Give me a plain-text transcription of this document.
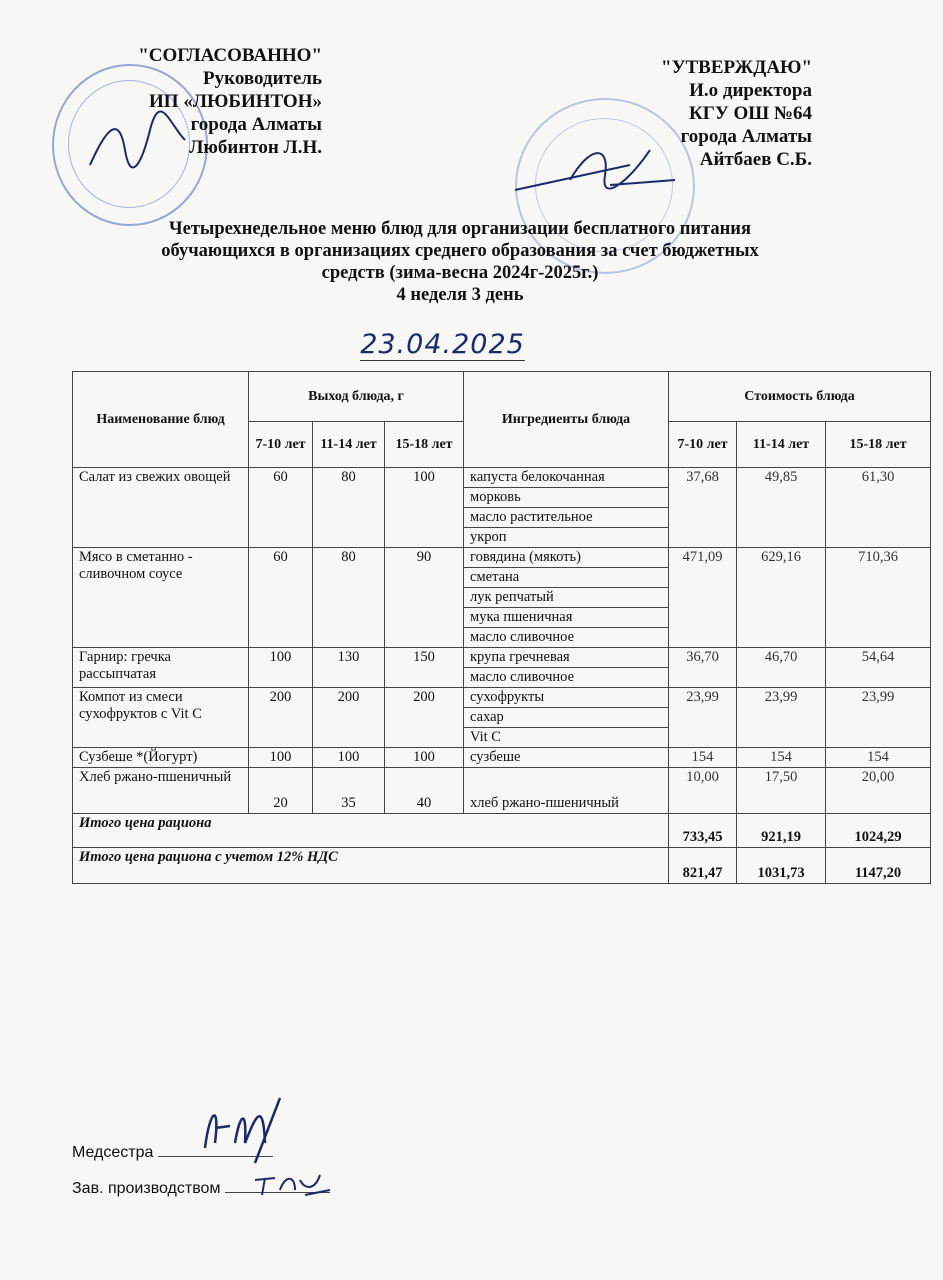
"СОГЛАСОВАННО"
Руководитель
ИП «ЛЮБИНТОН»
города Алматы
Любинтон Л.Н.
"УТВЕРЖДАЮ"
И.о директора
КГУ ОШ №64
города Алматы
Айтбаев С.Б.
Четырехнедельное меню блюд для организации бесплатного питания
обучающихся в организациях среднего образования за счет бюджетных
средств (зима-весна 2024г-2025г.)
4 неделя 3 день
23.04.2025
Наименование блюд	Выход блюда, г			Ингредиенты блюда	Стоимость блюда		
	7-10 лет	11-14 лет	15-18 лет		7-10 лет	11-14 лет	15-18 лет
Салат из свежих овощей	60	80	100	капуста белокочанная	37,68	49,85	61,30
				морковь			
				масло растительное			
				укроп			
Мясо в сметанно - сливочном соусе	60	80	90	говядина (мякоть)	471,09	629,16	710,36
				сметана			
				лук репчатый			
				мука пшеничная			
				масло сливочное			
Гарнир: гречка рассыпчатая	100	130	150	крупа гречневая	36,70	46,70	54,64
				масло сливочное			
Компот из смеси сухофруктов с Vit C	200	200	200	сухофрукты	23,99	23,99	23,99
				сахар			
				Vit C			
Сузбеше *(Йогурт)	100	100	100	сузбеше	154	154	154
Хлеб ржано-пшеничный	20	35	40	хлеб ржано-пшеничный	10,00	17,50	20,00
Итого цена рациона					733,45	921,19	1024,29
Итого цена рациона с учетом 12% НДС					821,47	1031,73	1147,20
Медсестра
Зав. производством
